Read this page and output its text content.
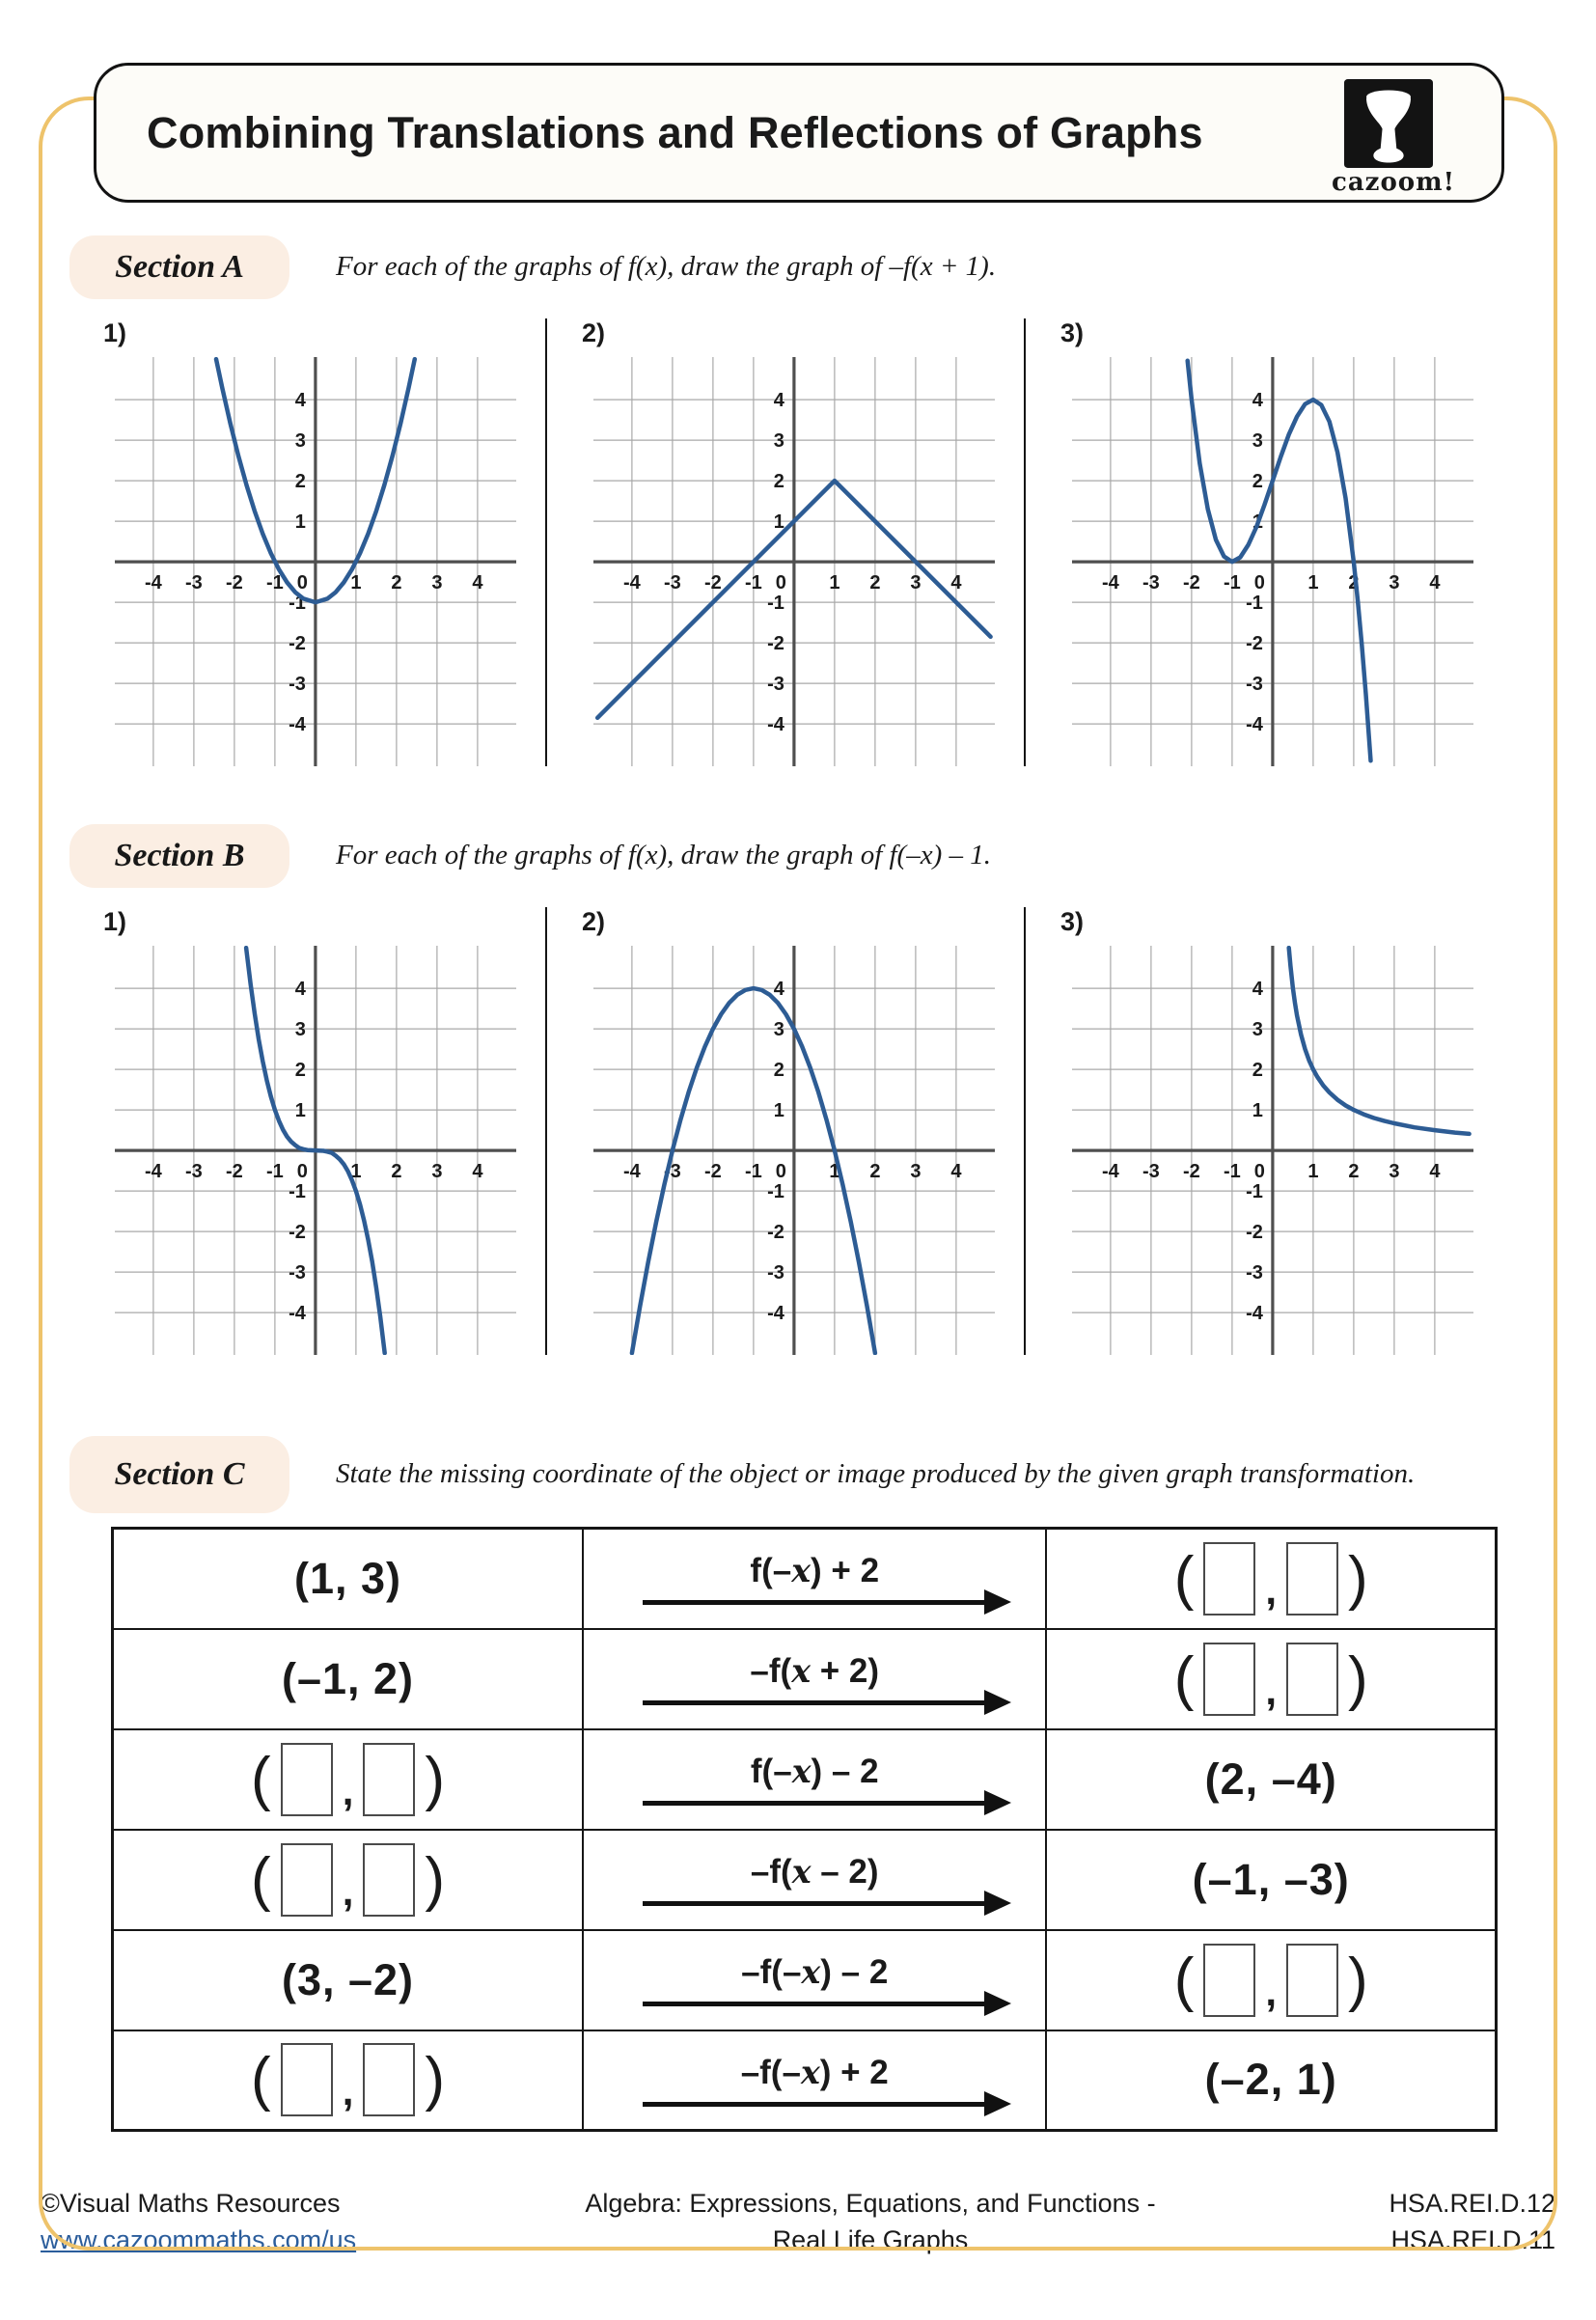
Combining Translations and Reflections of Graphs
cazoom!
Section A	For each of the graphs of f(x), draw the graph of –f(x + 1).
1)
-4 -3 -2 -1 0 1 2 3 4
-4
-3
-2
-1
1
2
3
4
2)
-4 -3 -2 -1 0 1 2 3 4
-4
-3
-2
-1
1
2
3
4
3)
-4 -3 -2 -1 0 1 2 3 4
-4
-3
-2
-1
1
2
3
4
Section B	For each of the graphs of f(x), draw the graph of f(–x) – 1.
1)
-4 -3 -2 -1 0 1 2 3 4
-4
-3
-2
-1
1
2
3
4
2)
-4 -3 -2 -1 0 1 2 3 4
-4
-3
-2
-1
1
2
3
4
3)
-4 -3 -2 -1 0 1 2 3 4
-4
-3
-2
-1
1
2
3
4
Section C	State the missing coordinate of the object or image produced by the given graph transformation.
(1, 3)	f(–x) + 2	( , )

(–1, 2)	–f(x + 2)	( , )

( , )	f(–x) – 2	(2, –4)

( , )	–f(x – 2)	(–1, –3)

(3, –2)	–f(–x) – 2	( , )

( , )	–f(–x) + 2	(–2, 1)
©Visual Maths Resources
www.cazoommaths.com/us
Algebra: Expressions, Equations, and Functions -
Real Life Graphs
HSA.REI.D.12
HSA.REI.D.11
